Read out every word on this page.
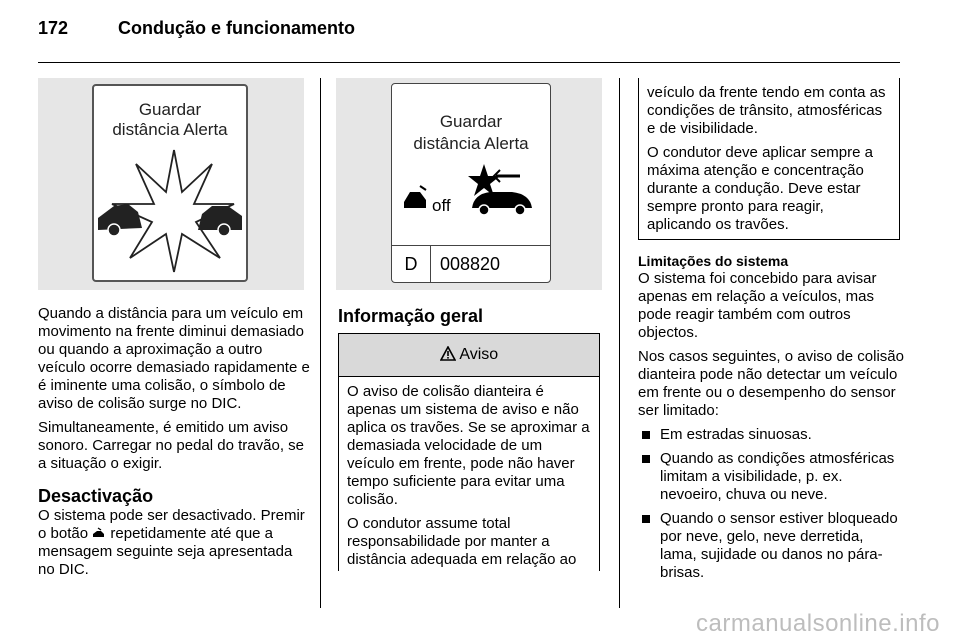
172	Condução e funcionamento
Guardar
distância Alerta

Quando a distância para um veículo em movimento na frente diminui demasiado ou quando a aproximação a outro veículo ocorre demasiado rapidamente e é iminente uma colisão, o símbolo de aviso de colisão surge no DIC.

Simultaneamente, é emitido um aviso sonoro. Carregar no pedal do travão, se a situação o exigir.

Desactivação

O sistema pode ser desactivado. Premir o botão repetidamente até que a mensagem seguinte seja apresentada no DIC.

Guardar
distância Alerta
off
D	008820
Informação geral
Aviso

O aviso de colisão dianteira é apenas um sistema de aviso e não aplica os travões. Se se aproximar a demasiada velocidade de um veículo em frente, pode não haver tempo suficiente para evitar uma colisão.

O condutor assume total responsabilidade por manter a distância adequada em relação ao

veículo da frente tendo em conta as condições de trânsito, atmosféricas e de visibilidade.

O condutor deve aplicar sempre a máxima atenção e concentração durante a condução. Deve estar sempre pronto para reagir, aplicando os travões.

Limitações do sistema

O sistema foi concebido para avisar apenas em relação a veículos, mas pode reagir também com outros objectos.

Nos casos seguintes, o aviso de colisão dianteira pode não detectar um veículo em frente ou o desempenho do sensor ser limitado:

Em estradas sinuosas.
Quando as condições atmosféricas limitam a visibilidade, p. ex. nevoeiro, chuva ou neve.
Quando o sensor estiver bloqueado por neve, gelo, neve derretida, lama, sujidade ou danos no pára-brisas.
carmanualsonline.info
